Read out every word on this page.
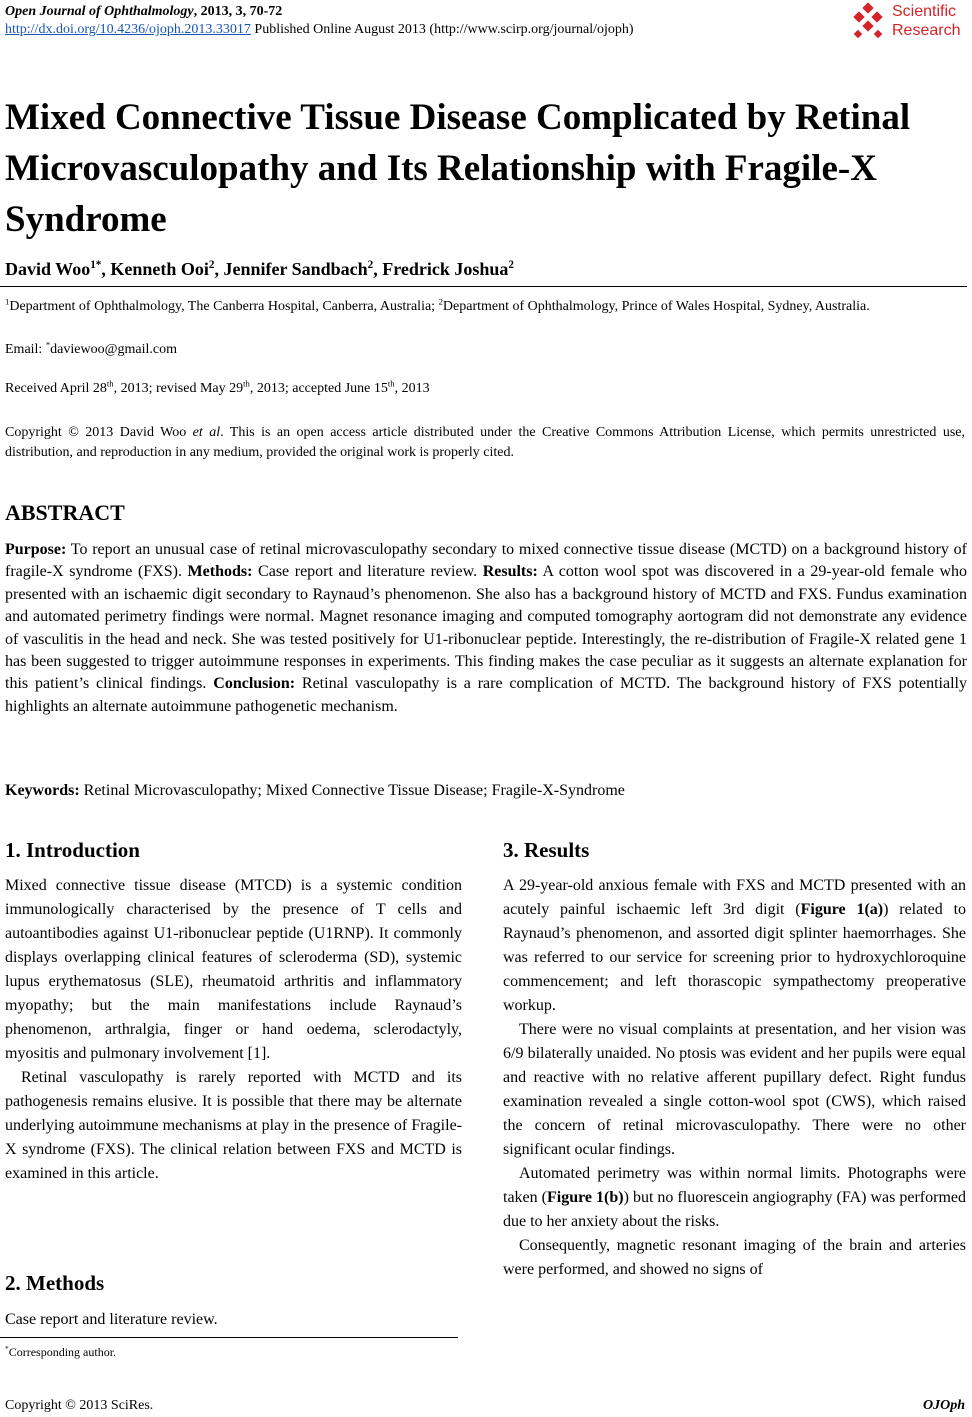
Open Journal of Ophthalmology, 2013, 3, 70-72
http://dx.doi.org/10.4236/ojoph.2013.33017 Published Online August 2013 (http://www.scirp.org/journal/ojoph)
Scientific
Research
Mixed Connective Tissue Disease Complicated by Retinal Microvasculopathy and Its Relationship with Fragile-X Syndrome
David Woo$^{1*}$, Kenneth Ooi$^2$, Jennifer Sandbach$^2$, Fredrick Joshua$^2$
$^1$Department of Ophthalmology, The Canberra Hospital, Canberra, Australia; $^2$Department of Ophthalmology, Prince of Wales Hospital, Sydney, Australia.
Email: *daviewoo@gmail.com
Received April 28th, 2013; revised May 29th, 2013; accepted June 15th, 2013
Copyright © 2013 David Woo et al. This is an open access article distributed under the Creative Commons Attribution License, which permits unrestricted use, distribution, and reproduction in any medium, provided the original work is properly cited.
ABSTRACT
Purpose: To report an unusual case of retinal microvasculopathy secondary to mixed connective tissue disease (MCTD) on a background history of fragile-X syndrome (FXS). Methods: Case report and literature review. Results: A cotton wool spot was discovered in a 29-year-old female who presented with an ischaemic digit secondary to Raynaud’s phenomenon. She also has a background history of MCTD and FXS. Fundus examination and automated perimetry findings were normal. Magnet resonance imaging and computed tomography aortogram did not demonstrate any evidence of vasculitis in the head and neck. She was tested positively for U1-ribonuclear peptide. Interestingly, the re-distribution of Fragile-X related gene 1 has been suggested to trigger autoimmune responses in experiments. This finding makes the case peculiar as it suggests an alternate explanation for this patient’s clinical findings. Conclusion: Retinal vasculopathy is a rare complication of MCTD. The background history of FXS potentially highlights an alternate autoimmune pathogenetic mechanism.
Keywords: Retinal Microvasculopathy; Mixed Connective Tissue Disease; Fragile-X-Syndrome
1. Introduction

Mixed connective tissue disease (MTCD) is a systemic condition immunologically characterised by the presence of T cells and autoantibodies against U1-ribonuclear peptide (U1RNP). It commonly displays overlapping clinical features of scleroderma (SD), systemic lupus erythematosus (SLE), rheumatoid arthritis and inflammatory myopathy; but the main manifestations include Raynaud’s phenomenon, arthralgia, finger or hand oedema, sclerodactyly, myositis and pulmonary involvement [1].

Retinal vasculopathy is rarely reported with MCTD and its pathogenesis remains elusive. It is possible that there may be alternate underlying autoimmune mechanisms at play in the presence of Fragile-X syndrome (FXS). The clinical relation between FXS and MCTD is examined in this article.

2. Methods

Case report and literature review.

*Corresponding author.
3. Results

A 29-year-old anxious female with FXS and MCTD presented with an acutely painful ischaemic left 3rd digit (Figure 1(a)) related to Raynaud’s phenomenon, and assorted digit splinter haemorrhages. She was referred to our service for screening prior to hydroxychloroquine commencement; and left thorascopic sympathectomy preoperative workup.

There were no visual complaints at presentation, and her vision was 6/9 bilaterally unaided. No ptosis was evident and her pupils were equal and reactive with no relative afferent pupillary defect. Right fundus examination revealed a single cotton-wool spot (CWS), which raised the concern of retinal microvasculopathy. There were no other significant ocular findings.

Automated perimetry was within normal limits. Photographs were taken (Figure 1(b)) but no fluorescein angiography (FA) was performed due to her anxiety about the risks.

Consequently, magnetic resonant imaging of the brain and arteries were performed, and showed no signs of

Copyright © 2013 SciRes.	OJOph
